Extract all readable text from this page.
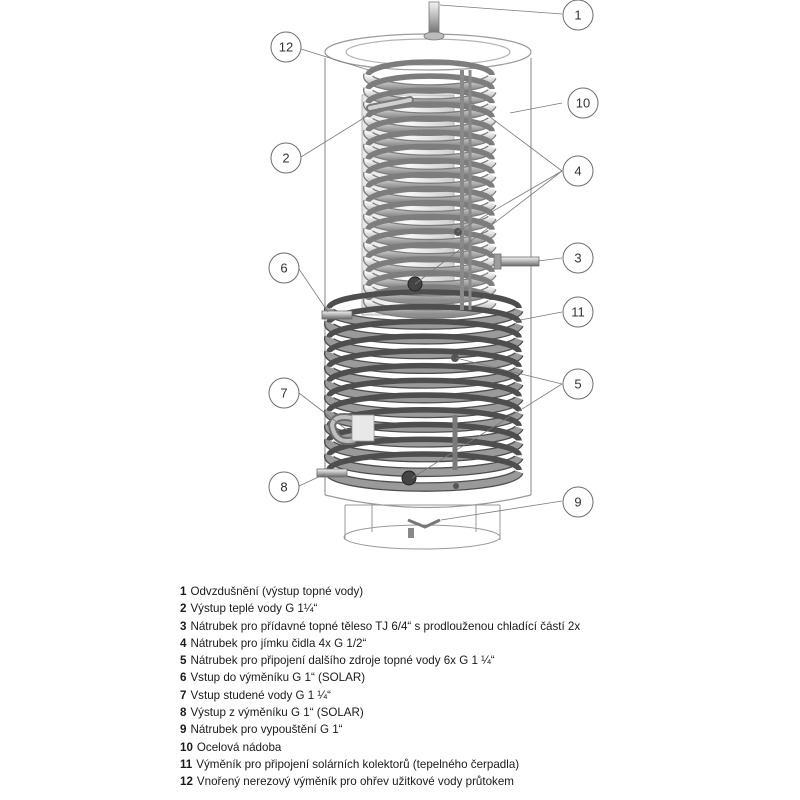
1
12
2
6
10
4
3
11
5
7
8
9
1 Odvzdušnění (výstup topné vody)
2 Výstup teplé vody G 1¼“
3 Nátrubek pro přídavné topné těleso TJ 6/4“ s prodlouženou chladící částí 2x
4 Nátrubek pro jímku čidla 4x G 1/2“
5 Nátrubek pro připojení dalšího zdroje topné vody 6x G 1 ¼“
6 Vstup do výměníku G 1“ (SOLAR)
7 Vstup studené vody G 1 ¼“
8 Výstup z výměníku G 1“ (SOLAR)
9 Nátrubek pro vypouštění G 1“
10 Ocelová nádoba
11 Výměník pro připojení solárních kolektorů (tepelného čerpadla)
12 Vnořený nerezový výměník pro ohřev užitkové vody průtokem
